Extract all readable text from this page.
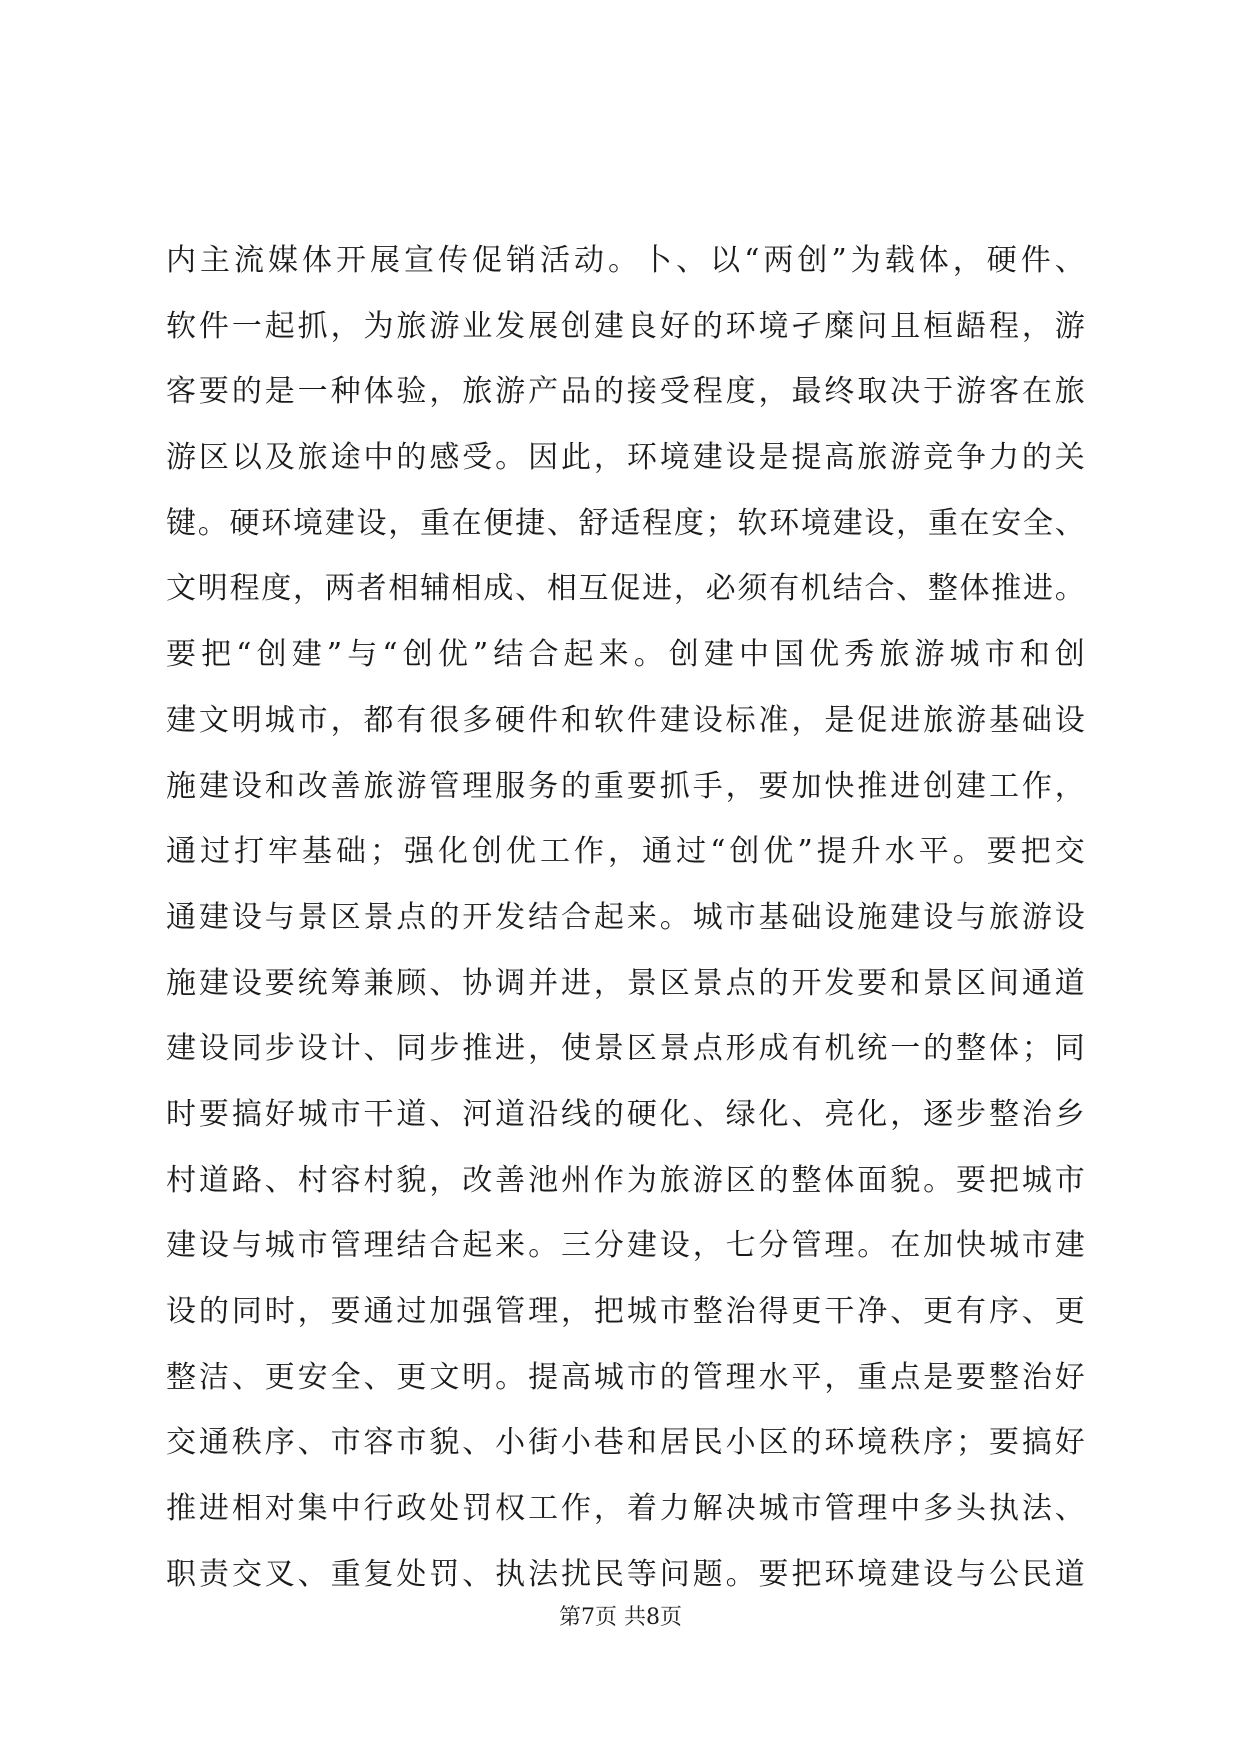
内主流媒体开展宣传促销活动。卜、以“两创”为载体，硬件、
软件一起抓，为旅游业发展创建良好的环境孑糜问且桓龉程，游
客要的是一种体验，旅游产品的接受程度，最终取决于游客在旅
游区以及旅途中的感受。因此，环境建设是提高旅游竞争力的关
键。硬环境建设，重在便捷、舒适程度；软环境建设，重在安全、
文明程度，两者相辅相成、相互促进，必须有机结合、整体推进。
要把“创建”与“创优”结合起来。创建中国优秀旅游城市和创
建文明城市，都有很多硬件和软件建设标准，是促进旅游基础设
施建设和改善旅游管理服务的重要抓手，要加快推进创建工作，
通过打牢基础；强化创优工作，通过“创优”提升水平。要把交
通建设与景区景点的开发结合起来。城市基础设施建设与旅游设
施建设要统筹兼顾、协调并进，景区景点的开发要和景区间通道
建设同步设计、同步推进，使景区景点形成有机统一的整体；同
时要搞好城市干道、河道沿线的硬化、绿化、亮化，逐步整治乡
村道路、村容村貌，改善池州作为旅游区的整体面貌。要把城市
建设与城市管理结合起来。三分建设，七分管理。在加快城市建
设的同时，要通过加强管理，把城市整治得更干净、更有序、更
整洁、更安全、更文明。提高城市的管理水平，重点是要整治好
交通秩序、市容市貌、小街小巷和居民小区的环境秩序；要搞好
推进相对集中行政处罚权工作，着力解决城市管理中多头执法、
职责交叉、重复处罚、执法扰民等问题。要把环境建设与公民道
第7页 共8页
